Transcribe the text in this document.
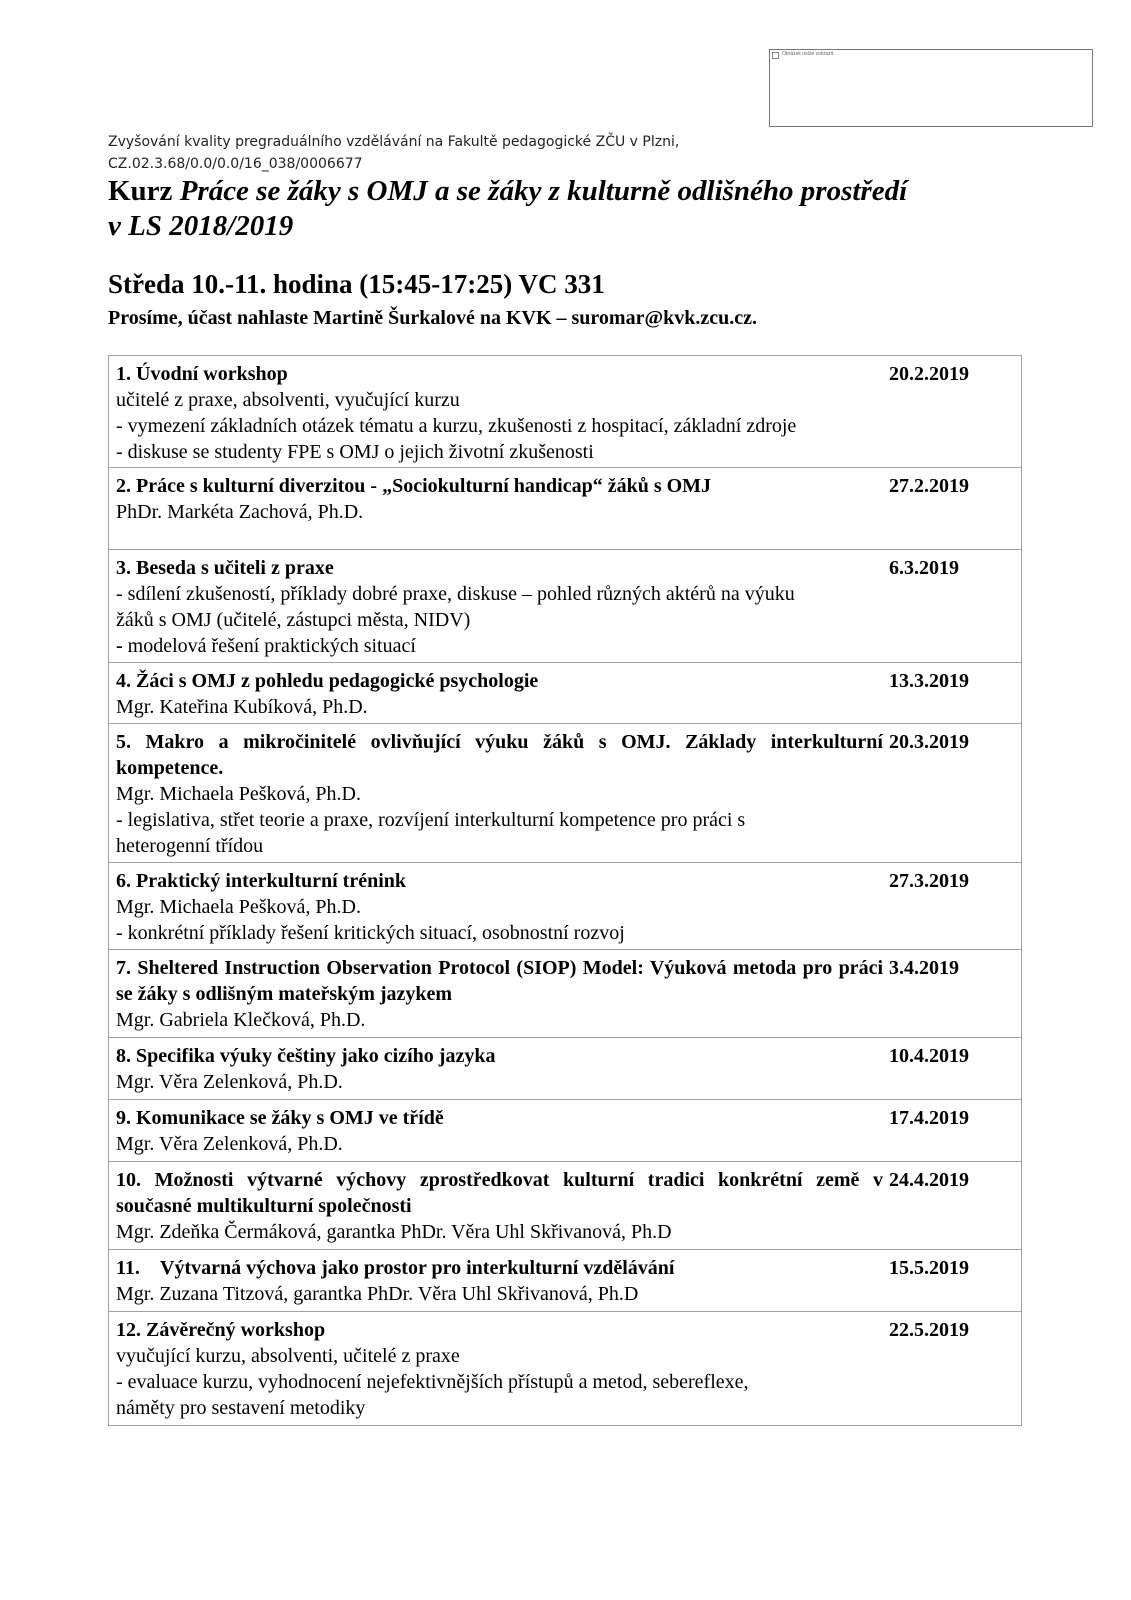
Obrázek nelze zobrazit.
Zvyšování kvality pregraduálního vzdělávání na Fakultě pedagogické ZČU v Plzni,
CZ.02.3.68/0.0/0.0/16_038/0006677
Kurz Práce se žáky s OMJ a se žáky z kulturně odlišného prostředí
v LS 2018/2019
Středa 10.-11. hodina (15:45-17:25) VC 331
Prosíme, účast nahlaste Martině Šurkalové na KVK – suromar@kvk.zcu.cz.
1. Úvodní workshop
učitelé z praxe, absolventi, vyučující kurzu
- vymezení základních otázek tématu a kurzu, zkušenosti z hospitací, základní zdroje
- diskuse se studenty FPE s OMJ o jejich životní zkušenosti
20.2.2019
2. Práce s kulturní diverzitou - „Sociokulturní handicap“ žáků s OMJ
PhDr. Markéta Zachová, Ph.D.
27.2.2019
3. Beseda s učiteli z praxe
- sdílení zkušeností, příklady dobré praxe, diskuse – pohled různých aktérů na výuku
žáků s OMJ (učitelé, zástupci města, NIDV)
- modelová řešení praktických situací
6.3.2019
4. Žáci s OMJ z pohledu pedagogické psychologie
Mgr. Kateřina Kubíková, Ph.D.
13.3.2019
5. Makro a mikročinitelé ovlivňující výuku žáků s OMJ. Základy interkulturní kompetence.
Mgr. Michaela Pešková, Ph.D.
- legislativa, střet teorie a praxe, rozvíjení interkulturní kompetence pro práci s
heterogenní třídou
20.3.2019
6. Praktický interkulturní trénink
Mgr. Michaela Pešková, Ph.D.
- konkrétní příklady řešení kritických situací, osobnostní rozvoj
27.3.2019
7. Sheltered Instruction Observation Protocol (SIOP) Model: Výuková metoda pro práci se žáky s odlišným mateřským jazykem
Mgr. Gabriela Klečková, Ph.D.
3.4.2019
8. Specifika výuky češtiny jako cizího jazyka
Mgr. Věra Zelenková, Ph.D.
10.4.2019
9. Komunikace se žáky s OMJ ve třídě
Mgr. Věra Zelenková, Ph.D.
17.4.2019
10. Možnosti výtvarné výchovy zprostředkovat kulturní tradici konkrétní země v současné multikulturní společnosti
Mgr. Zdeňka Čermáková, garantka PhDr. Věra Uhl Skřivanová, Ph.D
24.4.2019
11. Výtvarná výchova jako prostor pro interkulturní vzdělávání
Mgr. Zuzana Titzová, garantka PhDr. Věra Uhl Skřivanová, Ph.D
15.5.2019
12. Závěrečný workshop
vyučující kurzu, absolventi, učitelé z praxe
- evaluace kurzu, vyhodnocení nejefektivnějších přístupů a metod, sebereflexe,
náměty pro sestavení metodiky
22.5.2019
